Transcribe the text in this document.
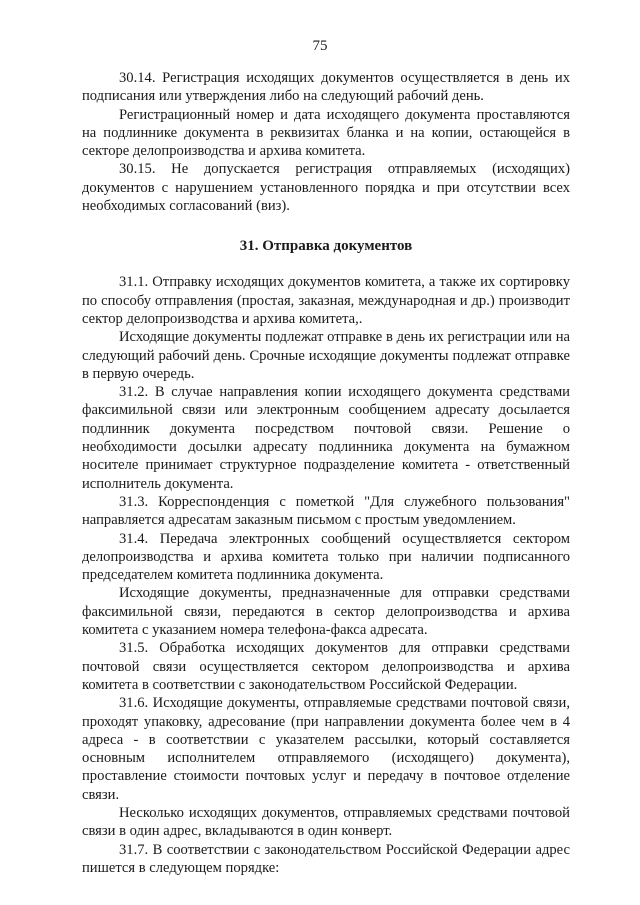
75

30.14. Регистрация исходящих документов осуществляется в день их подписания или утверждения либо на следующий рабочий день.

Регистрационный номер и дата исходящего документа проставляются на подлиннике документа в реквизитах бланка и на копии, остающейся в секторе делопроизводства и архива комитета.

30.15. Не допускается регистрация отправляемых (исходящих) документов с нарушением установленного порядка и при отсутствии всех необходимых согласований (виз).

31. Отправка документов

31.1. Отправку исходящих документов комитета, а также их сортировку по способу отправления (простая, заказная, международная и др.) производит сектор делопроизводства и архива комитета,.

Исходящие документы подлежат отправке в день их регистрации или на следующий рабочий день. Срочные исходящие документы подлежат отправке в первую очередь.

31.2. В случае направления копии исходящего документа средствами факсимильной связи или электронным сообщением адресату досылается подлинник документа посредством почтовой связи. Решение о необходимости досылки адресату подлинника документа на бумажном носителе принимает структурное подразделение комитета - ответственный исполнитель документа.

31.3. Корреспонденция с пометкой "Для служебного пользования" направляется адресатам заказным письмом с простым уведомлением.

31.4. Передача электронных сообщений осуществляется сектором делопроизводства и архива комитета только при наличии подписанного председателем комитета подлинника документа.

Исходящие документы, предназначенные для отправки средствами факсимильной связи, передаются в сектор делопроизводства и архива комитета с указанием номера телефона-факса адресата.

31.5. Обработка исходящих документов для отправки средствами почтовой связи осуществляется сектором делопроизводства и архива комитета в соответствии с законодательством Российской Федерации.

31.6. Исходящие документы, отправляемые средствами почтовой связи, проходят упаковку, адресование (при направлении документа более чем в 4 адреса - в соответствии с указателем рассылки, который составляется основным исполнителем отправляемого (исходящего) документа), проставление стоимости почтовых услуг и передачу в почтовое отделение связи.

Несколько исходящих документов, отправляемых средствами почтовой связи в один адрес, вкладываются в один конверт.

31.7. В соответствии с законодательством Российской Федерации адрес пишется в следующем порядке:
